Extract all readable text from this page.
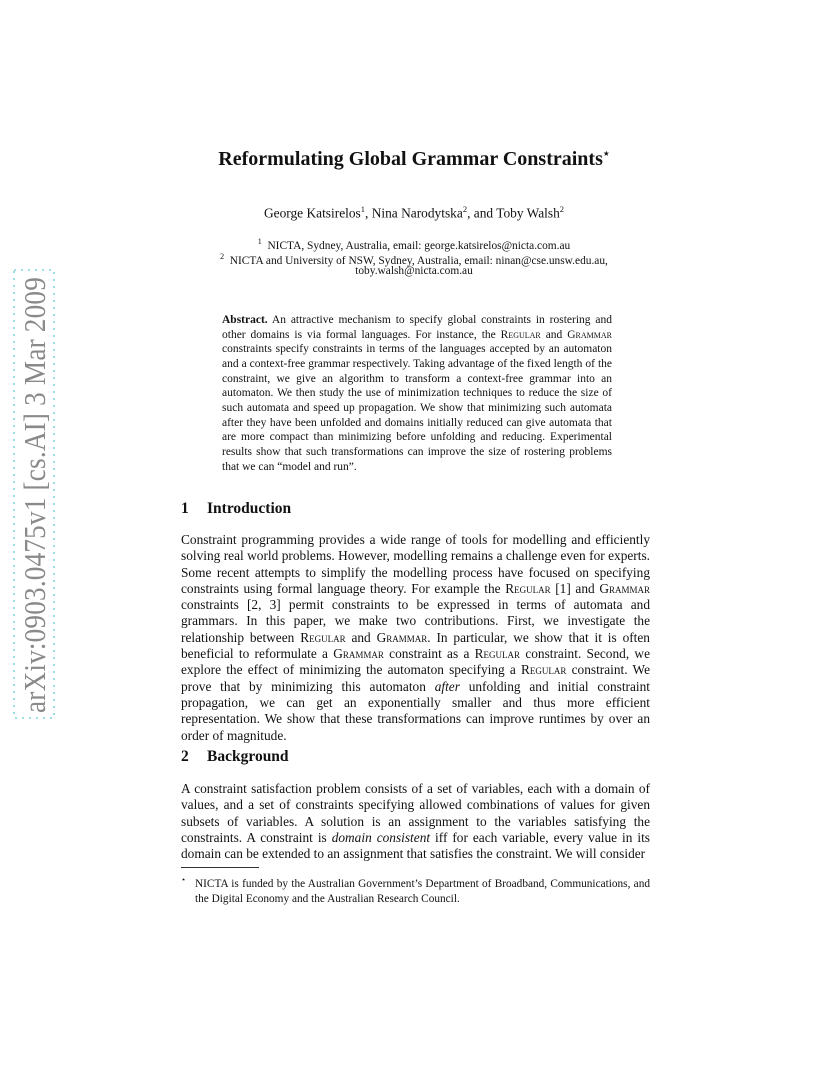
arXiv:0903.0475v1 [cs.AI] 3 Mar 2009
Reformulating Global Grammar Constraints⋆
George Katsirelos$^1$, Nina Narodytska$^2$, and Toby Walsh$^2$
$^1$ NICTA, Sydney, Australia, email: george.katsirelos@nicta.com.au
$^2$ NICTA and University of NSW, Sydney, Australia, email: ninan@cse.unsw.edu.au,
toby.walsh@nicta.com.au
Abstract. An attractive mechanism to specify global constraints in rostering and other domains is via formal languages. For instance, the Regular and Grammar constraints specify constraints in terms of the languages accepted by an automaton and a context-free grammar respectively. Taking advantage of the fixed length of the constraint, we give an algorithm to transform a context-free grammar into an automaton. We then study the use of minimization techniques to reduce the size of such automata and speed up propagation. We show that minimizing such automata after they have been unfolded and domains initially reduced can give automata that are more compact than minimizing before unfolding and reducing. Experimental results show that such transformations can improve the size of rostering problems that we can “model and run”.
1 Introduction
Constraint programming provides a wide range of tools for modelling and efficiently solving real world problems. However, modelling remains a challenge even for experts. Some recent attempts to simplify the modelling process have focused on specifying constraints using formal language theory. For example the Regular [1] and Grammar constraints [2, 3] permit constraints to be expressed in terms of automata and grammars. In this paper, we make two contributions. First, we investigate the relationship between Regular and Grammar. In particular, we show that it is often beneficial to reformulate a Grammar constraint as a Regular constraint. Second, we explore the effect of minimizing the automaton specifying a Regular constraint. We prove that by minimizing this automaton after unfolding and initial constraint propagation, we can get an exponentially smaller and thus more efficient representation. We show that these transformations can improve runtimes by over an order of magnitude.
2 Background
A constraint satisfaction problem consists of a set of variables, each with a domain of values, and a set of constraints specifying allowed combinations of values for given subsets of variables. A solution is an assignment to the variables satisfying the constraints. A constraint is domain consistent iff for each variable, every value in its domain can be extended to an assignment that satisfies the constraint. We will consider
⋆ NICTA is funded by the Australian Government’s Department of Broadband, Communications, and the Digital Economy and the Australian Research Council.
